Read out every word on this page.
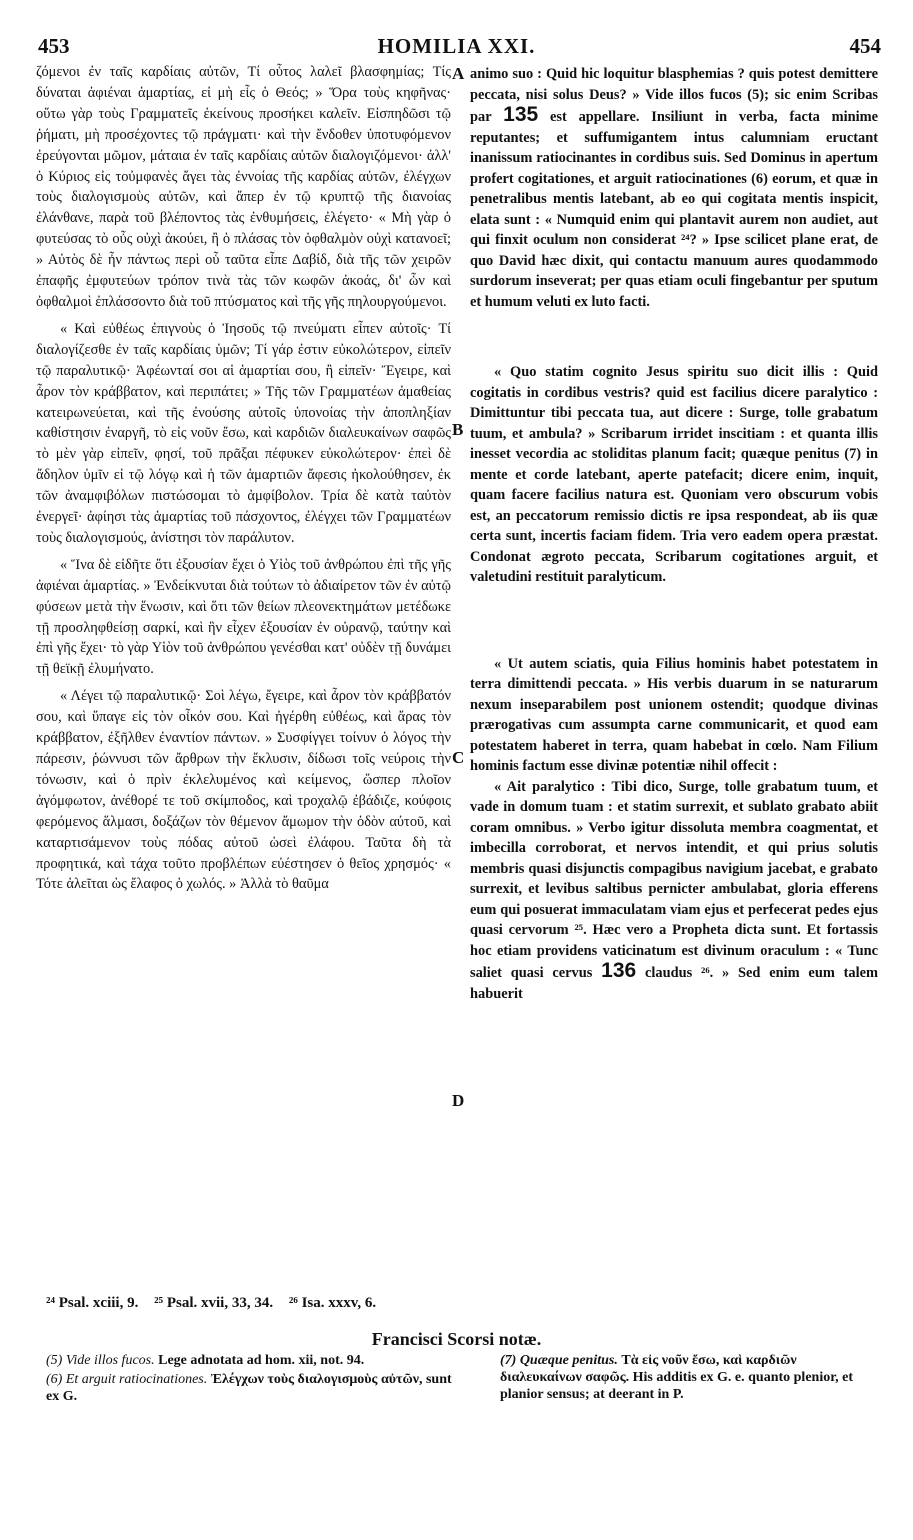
453	HOMILIA XXI.	454

ζόμενοι ἐν ταῖς καρδίαις αὐτῶν, Τί οὗτος λαλεῖ βλασφημίας; Τίς δύναται ἀφιέναι ἁμαρτίας, εἰ μὴ εἷς ὁ Θεός; » Ὅρα τοὺς κηφῆνας· οὕτω γὰρ τοὺς Γραμματεῖς ἐκείνους προσήκει καλεῖν. Εἰσπηδῶσι τῷ ῥήματι, μὴ προσέχοντες τῷ πράγματι· καὶ τὴν ἔνδοθεν ὑποτυφόμενον ἐρεύγονται μῶμον, μάταια ἐν ταῖς καρδίαις αὐτῶν διαλογιζόμενοι· ἀλλ' ὁ Κύριος εἰς τοὐμφανὲς ἄγει τὰς ἐννοίας τῆς καρδίας αὐτῶν, ἐλέγχων τοὺς διαλογισμοὺς αὐτῶν, καὶ ἅπερ ἐν τῷ κρυπτῷ τῆς διανοίας ἐλάνθανε, παρὰ τοῦ βλέποντος τὰς ἐνθυμήσεις, ἐλέγετο· « Μὴ γὰρ ὁ φυτεύσας τὸ οὖς οὐχὶ ἀκούει, ἢ ὁ πλάσας τὸν ὀφθαλμὸν οὐχὶ κατανοεῖ; » Αὐτὸς δὲ ἦν πάντως περὶ οὗ ταῦτα εἶπε Δαβίδ, διὰ τῆς τῶν χειρῶν ἐπαφῆς ἐμφυτεύων τρόπον τινὰ τὰς τῶν κωφῶν ἀκοάς, δι' ὧν καὶ ὀφθαλμοὶ ἐπλάσσοντο διὰ τοῦ πτύσματος καὶ τῆς γῆς πηλουργούμενοι.

« Καὶ εὐθέως ἐπιγνοὺς ὁ Ἰησοῦς τῷ πνεύματι εἶπεν αὐτοῖς· Τί διαλογίζεσθε ἐν ταῖς καρδίαις ὑμῶν; Τί γάρ ἐστιν εὐκολώτερον, εἰπεῖν τῷ παραλυτικῷ· Ἀφέωνταί σοι αἱ ἁμαρτίαι σου, ἢ εἰπεῖν· Ἔγειρε, καὶ ἆρον τὸν κράββατον, καὶ περιπάτει; » Τῆς τῶν Γραμματέων ἀμαθείας κατειρωνεύεται, καὶ τῆς ἐνούσης αὐτοῖς ὑπονοίας τὴν ἀποπληξίαν καθίστησιν ἐναργῆ, τὸ εἰς νοῦν ἔσω, καὶ καρδιῶν διαλευκαίνων σαφῶς τὸ μὲν γὰρ εἰπεῖν, φησί, τοῦ πρᾶξαι πέφυκεν εὐκολώτερον· ἐπεὶ δὲ ἄδηλον ὑμῖν εἰ τῷ λόγῳ καὶ ἡ τῶν ἁμαρτιῶν ἄφεσις ἠκολούθησεν, ἐκ τῶν ἀναμφιβόλων πιστώσομαι τὸ ἀμφίβολον. Τρία δὲ κατὰ ταὐτὸν ἐνεργεῖ· ἀφίησι τὰς ἁμαρτίας τοῦ πάσχοντος, ἐλέγχει τῶν Γραμματέων τοὺς διαλογισμούς, ἀνίστησι τὸν παράλυτον.

« Ἵνα δὲ εἰδῆτε ὅτι ἐξουσίαν ἔχει ὁ Υἱὸς τοῦ ἀνθρώπου ἐπὶ τῆς γῆς ἀφιέναι ἁμαρτίας. » Ἐνδείκνυται διὰ τούτων τὸ ἀδιαίρετον τῶν ἐν αὐτῷ φύσεων μετὰ τὴν ἕνωσιν, καὶ ὅτι τῶν θείων πλεονεκτημάτων μετέδωκε τῇ προσληφθείσῃ σαρκί, καὶ ἣν εἶχεν ἐξουσίαν ἐν οὐρανῷ, ταύτην καὶ ἐπὶ γῆς ἔχει· τὸ γὰρ Υἱὸν τοῦ ἀνθρώπου γενέσθαι κατ' οὐδὲν τῇ δυνάμει τῇ θεϊκῇ ἐλυμήνατο.

« Λέγει τῷ παραλυτικῷ· Σοὶ λέγω, ἔγειρε, καὶ ἆρον τὸν κράββατόν σου, καὶ ὕπαγε εἰς τὸν οἶκόν σου. Καὶ ἠγέρθη εὐθέως, καὶ ἄρας τὸν κράββατον, ἐξῆλθεν ἐναντίον πάντων. » Συσφίγγει τοίνυν ὁ λόγος τὴν πάρεσιν, ῥώννυσι τῶν ἄρθρων τὴν ἔκλυσιν, δίδωσι τοῖς νεύροις τὴν τόνωσιν, καὶ ὁ πρὶν ἐκλελυμένος καὶ κείμενος, ὥσπερ πλοῖον ἀγόμφωτον, ἀνέθορέ τε τοῦ σκίμποδος, καὶ τροχαλῷ ἐβάδιζε, κούφοις φερόμενος ἅλμασι, δοξάζων τὸν θέμενον ἄμωμον τὴν ὁδὸν αὐτοῦ, καὶ καταρτισάμενον τοὺς πόδας αὐτοῦ ὡσεὶ ἐλάφου. Ταῦτα δὴ τὰ προφητικά, καὶ τάχα τοῦτο προβλέπων εὐέστησεν ὁ θεῖος χρησμός· « Τότε ἀλεῖται ὡς ἔλαφος ὁ χωλός. » Ἀλλὰ τὸ θαῦμα

A
B
C
D

animo suo : Quid hic loquitur blasphemias ? quis potest demittere peccata, nisi solus Deus? » Vide illos fucos (5); sic enim Scribas par 135 est appellare. Insiliunt in verba, facta minime reputantes; et suffumigantem intus calumniam eructant inanissum ratiocinantes in cordibus suis. Sed Dominus in apertum profert cogitationes, et arguit ratiocinationes (6) eorum, et quæ in penetralibus mentis latebant, ab eo qui cogitata mentis inspicit, elata sunt : « Numquid enim qui plantavit aurem non audiet, aut qui finxit oculum non considerat ²⁴? » Ipse scilicet plane erat, de quo David hæc dixit, qui contactu manuum aures quodammodo surdorum inseverat; per quas etiam oculi fingebantur per sputum et humum veluti ex luto facti.

« Quo statim cognito Jesus spiritu suo dicit illis : Quid cogitatis in cordibus vestris? quid est facilius dicere paralytico : Dimittuntur tibi peccata tua, aut dicere : Surge, tolle grabatum tuum, et ambula? » Scribarum irridet inscitiam : et quanta illis inesset vecordia ac stoliditas planum facit; quæque penitus (7) in mente et corde latebant, aperte patefacit; dicere enim, inquit, quam facere facilius natura est. Quoniam vero obscurum vobis est, an peccatorum remissio dictis re ipsa respondeat, ab iis quæ certa sunt, incertis faciam fidem. Tria vero eadem opera præstat. Condonat ægroto peccata, Scribarum cogitationes arguit, et valetudini restituit paralyticum.

« Ut autem sciatis, quia Filius hominis habet potestatem in terra dimittendi peccata. » His verbis duarum in se naturarum nexum inseparabilem post unionem ostendit; quodque divinas prærogativas cum assumpta carne communicarit, et quod eam potestatem haberet in terra, quam habebat in cœlo. Nam Filium hominis factum esse divinæ potentiæ nihil offecit :

« Ait paralytico : Tibi dico, Surge, tolle grabatum tuum, et vade in domum tuam : et statim surrexit, et sublato grabato abiit coram omnibus. » Verbo igitur dissoluta membra coagmentat, et imbecilla corroborat, et nervos intendit, et qui prius solutis membris quasi disjunctis compagibus navigium jacebat, e grabato surrexit, et levibus saltibus pernicter ambulabat, gloria efferens eum qui posuerat immaculatam viam ejus et perfecerat pedes ejus quasi cervorum ²⁵. Hæc vero a Propheta dicta sunt. Et fortassis hoc etiam providens vaticinatum est divinum oraculum : « Tunc saliet quasi cervus 136 claudus ²⁶. » Sed enim eum talem habuerit

²⁴ Psal. xciii, 9. ²⁵ Psal. xvii, 33, 34. ²⁶ Isa. xxxv, 6.
Francisci Scorsi notæ.

(5) Vide illos fucos. Lege adnotata ad hom. xii, not. 94.

(6) Et arguit ratiocinationes. Ἐλέγχων τοὺς διαλογισμοὺς αὐτῶν, sunt ex G.

(7) Quæque penitus. Τὰ εἰς νοῦν ἔσω, καὶ καρδιῶν διαλευκαίνων σαφῶς. His additis ex G. e. quanto plenior, et planior sensus; at deerant in P.
